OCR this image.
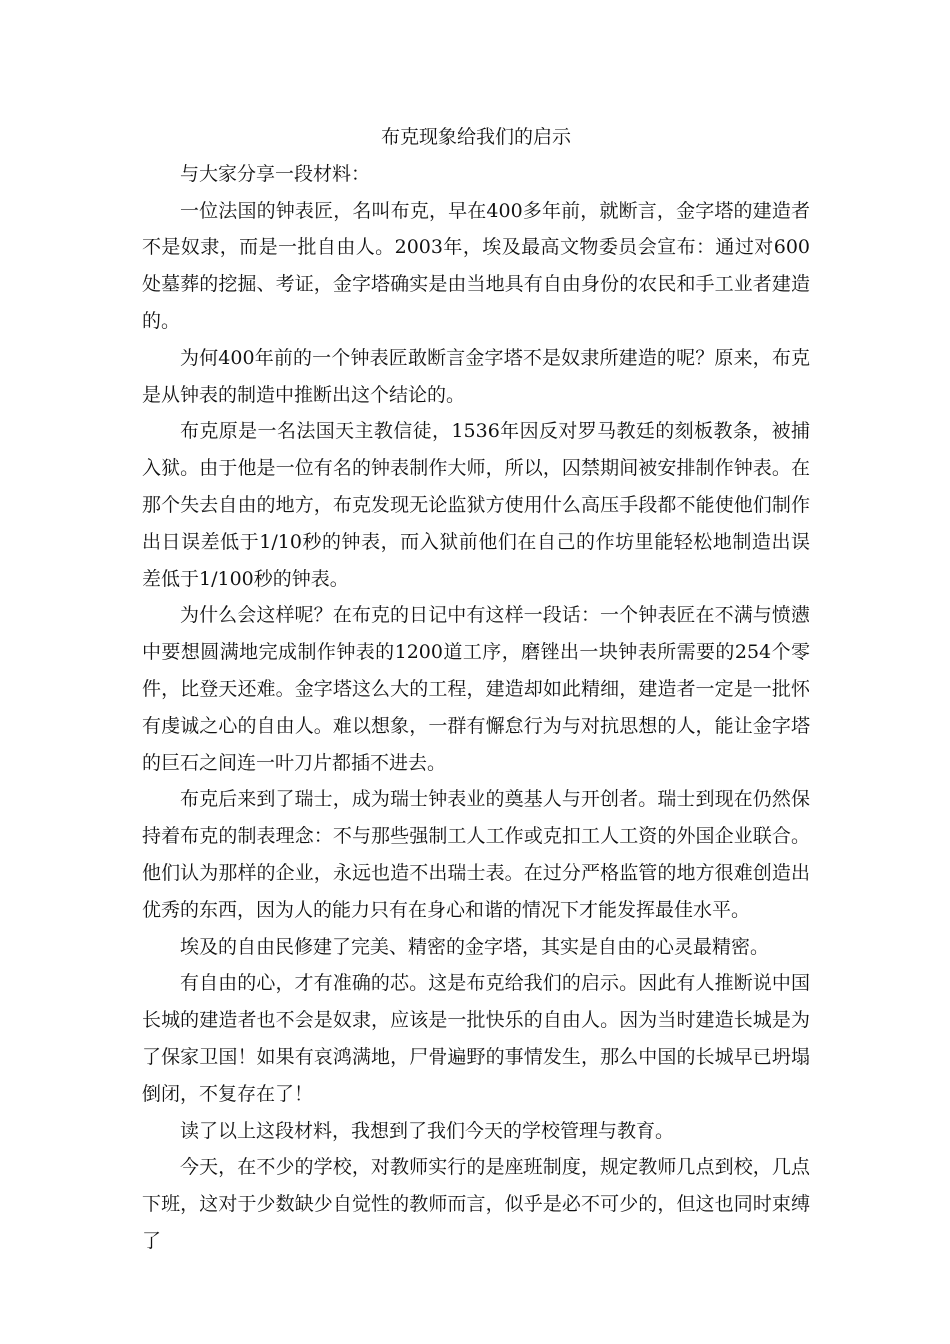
布克现象给我们的启示

与大家分享一段材料：

一位法国的钟表匠，名叫布克，早在400多年前，就断言，金字塔的建造者不是奴隶，而是一批自由人。2003年，埃及最高文物委员会宣布：通过对600处墓葬的挖掘、考证，金字塔确实是由当地具有自由身份的农民和手工业者建造的。

为何400年前的一个钟表匠敢断言金字塔不是奴隶所建造的呢？原来，布克是从钟表的制造中推断出这个结论的。

布克原是一名法国天主教信徒，1536年因反对罗马教廷的刻板教条，被捕入狱。由于他是一位有名的钟表制作大师，所以，囚禁期间被安排制作钟表。在那个失去自由的地方，布克发现无论监狱方使用什么高压手段都不能使他们制作出日误差低于1/10秒的钟表，而入狱前他们在自己的作坊里能轻松地制造出误差低于1/100秒的钟表。

为什么会这样呢？在布克的日记中有这样一段话：一个钟表匠在不满与愤懑中要想圆满地完成制作钟表的1200道工序，磨锉出一块钟表所需要的254个零件，比登天还难。金字塔这么大的工程，建造却如此精细，建造者一定是一批怀有虔诚之心的自由人。难以想象，一群有懈怠行为与对抗思想的人，能让金字塔的巨石之间连一叶刀片都插不进去。

布克后来到了瑞士，成为瑞士钟表业的奠基人与开创者。瑞士到现在仍然保持着布克的制表理念：不与那些强制工人工作或克扣工人工资的外国企业联合。他们认为那样的企业，永远也造不出瑞士表。在过分严格监管的地方很难创造出优秀的东西，因为人的能力只有在身心和谐的情况下才能发挥最佳水平。

埃及的自由民修建了完美、精密的金字塔，其实是自由的心灵最精密。

有自由的心，才有准确的芯。这是布克给我们的启示。因此有人推断说中国长城的建造者也不会是奴隶，应该是一批快乐的自由人。因为当时建造长城是为了保家卫国！如果有哀鸿满地，尸骨遍野的事情发生，那么中国的长城早已坍塌倒闭，不复存在了！

读了以上这段材料，我想到了我们今天的学校管理与教育。

今天，在不少的学校，对教师实行的是座班制度，规定教师几点到校，几点下班，这对于少数缺少自觉性的教师而言，似乎是必不可少的，但这也同时束缚了
